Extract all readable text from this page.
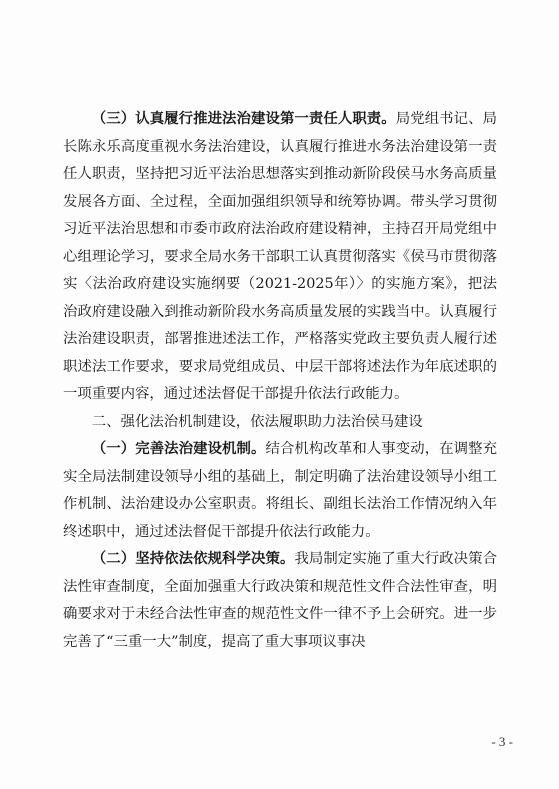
（三）认真履行推进法治建设第一责任人职责。局党组书记、局长陈永乐高度重视水务法治建设，认真履行推进水务法治建设第一责任人职责，坚持把习近平法治思想落实到推动新阶段侯马水务高质量发展各方面、全过程，全面加强组织领导和统筹协调。带头学习贯彻习近平法治思想和市委市政府法治政府建设精神，主持召开局党组中心组理论学习，要求全局水务干部职工认真贯彻落实《侯马市贯彻落实〈法治政府建设实施纲要（2021-2025年）〉的实施方案》，把法治政府建设融入到推动新阶段水务高质量发展的实践当中。认真履行法治建设职责，部署推进述法工作，严格落实党政主要负责人履行述职述法工作要求，要求局党组成员、中层干部将述法作为年底述职的一项重要内容，通过述法督促干部提升依法行政能力。

二、强化法治机制建设，依法履职助力法治侯马建设

（一）完善法治建设机制。结合机构改革和人事变动，在调整充实全局法制建设领导小组的基础上，制定明确了法治建设领导小组工作机制、法治建设办公室职责。将组长、副组长法治工作情况纳入年终述职中，通过述法督促干部提升依法行政能力。

（二）坚持依法依规科学决策。我局制定实施了重大行政决策合法性审查制度，全面加强重大行政决策和规范性文件合法性审查，明确要求对于未经合法性审查的规范性文件一律不予上会研究。进一步完善了“三重一大”制度，提高了重大事项议事决

- 3 -
